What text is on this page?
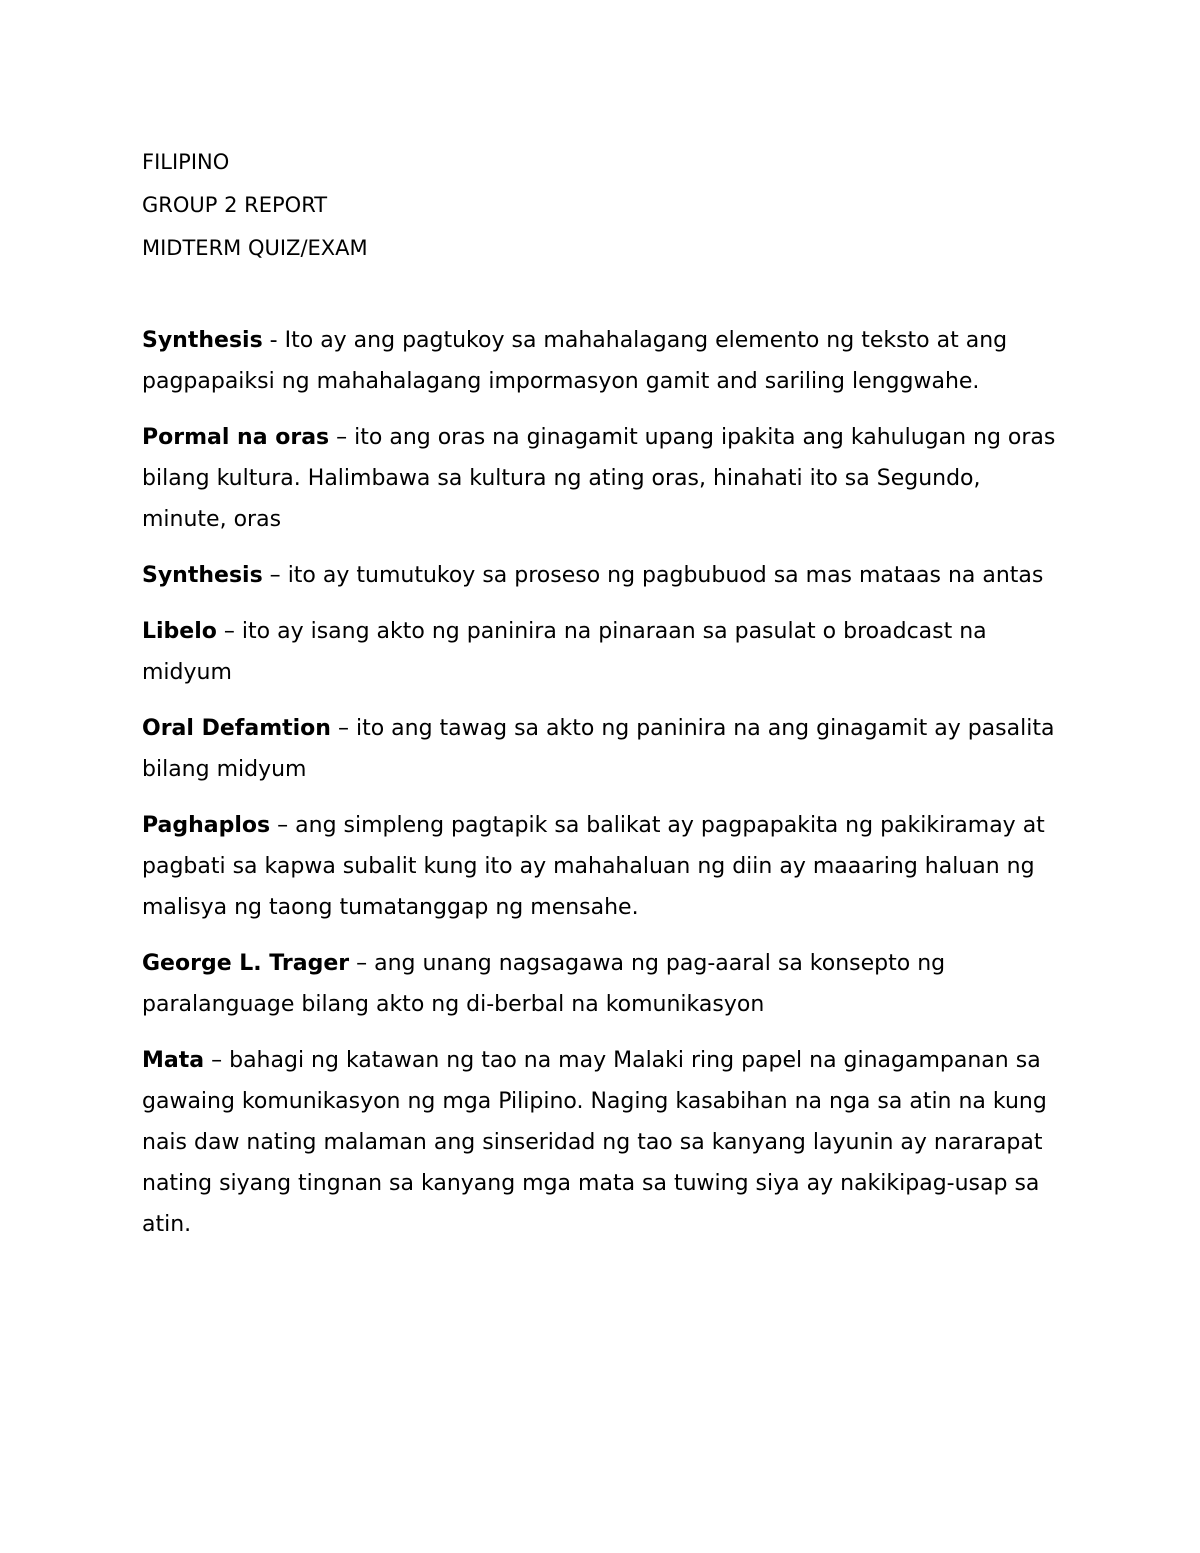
FILIPINO
GROUP 2 REPORT
MIDTERM QUIZ/EXAM

Synthesis - Ito ay ang pagtukoy sa mahahalagang elemento ng teksto at ang pagpapaiksi ng mahahalagang impormasyon gamit and sariling lenggwahe.

Pormal na oras – ito ang oras na ginagamit upang ipakita ang kahulugan ng oras bilang kultura. Halimbawa sa kultura ng ating oras, hinahati ito sa Segundo, minute, oras

Synthesis – ito ay tumutukoy sa proseso ng pagbubuod sa mas mataas na antas

Libelo – ito ay isang akto ng paninira na pinaraan sa pasulat o broadcast na midyum

Oral Defamtion – ito ang tawag sa akto ng paninira na ang ginagamit ay pasalita bilang midyum

Paghaplos – ang simpleng pagtapik sa balikat ay pagpapakita ng pakikiramay at pagbati sa kapwa subalit kung ito ay mahahaluan ng diin ay maaaring haluan ng malisya ng taong tumatanggap ng mensahe.

George L. Trager – ang unang nagsagawa ng pag-aaral sa konsepto ng paralanguage bilang akto ng di-berbal na komunikasyon

Mata – bahagi ng katawan ng tao na may Malaki ring papel na ginagampanan sa gawaing komunikasyon ng mga Pilipino. Naging kasabihan na nga sa atin na kung nais daw nating malaman ang sinseridad ng tao sa kanyang layunin ay nararapat nating siyang tingnan sa kanyang mga mata sa tuwing siya ay nakikipag-usap sa atin.
